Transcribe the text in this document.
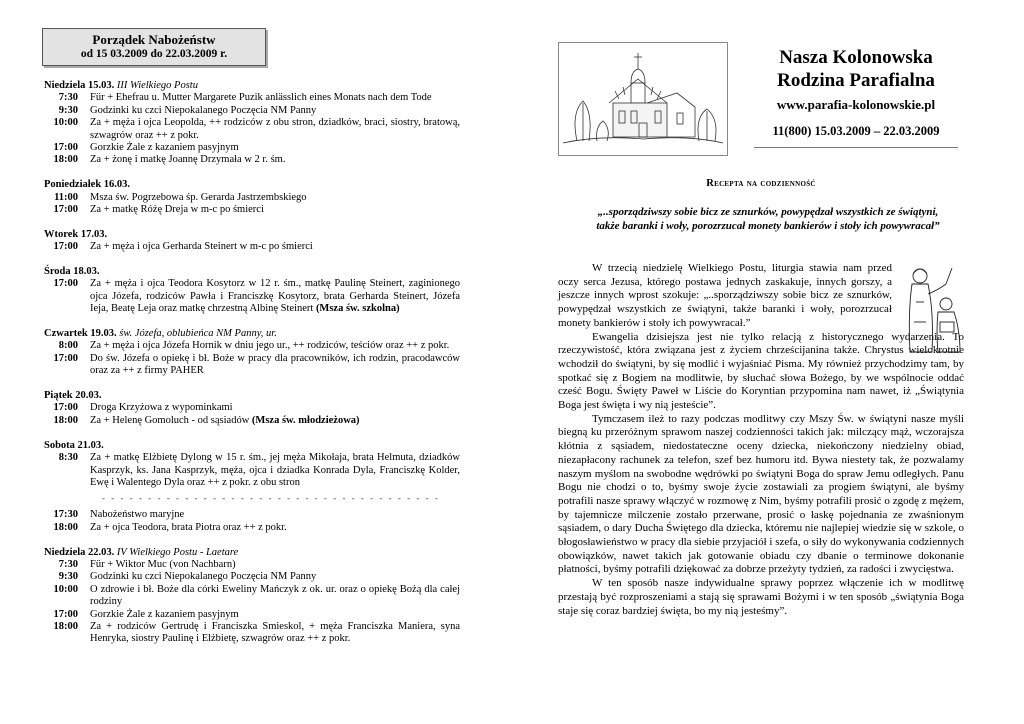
Porządek Nabożeństw
od 15 03.2009 do 22.03.2009 r.
Niedziela 15.03. III Wielkiego Postu
7:30	Für + Ehefrau u. Mutter Margarete Puzik anlässlich eines Monats nach dem Tode
9:30	Godzinki ku czci Niepokalanego Poczęcia NM Panny
10:00	Za + męża i ojca Leopolda, ++ rodziców z obu stron, dziadków, braci, siostry, bratową, szwagrów oraz ++ z pokr.
17:00	Gorzkie Żale z kazaniem pasyjnym
18:00	Za + żonę i matkę Joannę Drzymała w 2 r. śm.
Poniedziałek 16.03.
11:00	Msza św. Pogrzebowa śp. Gerarda Jastrzembskiego
17:00	Za + matkę Różę Dreja w m-c po śmierci
Wtorek 17.03.
17:00	Za + męża i ojca Gerharda Steinert w m-c po śmierci
Środa 18.03.
17:00	Za + męża i ojca Teodora Kosytorz w 12 r. śm., matkę Paulinę Steinert, zaginionego ojca Józefa, rodziców Pawła i Franciszkę Kosytorz, brata Gerharda Steinert, Józefa Ieja, Beatę Leja oraz matkę chrzestną Albinę Steinert (Msza św. szkolna)
Czwartek 19.03. św. Józefa, oblubieńca NM Panny, ur.
8:00	Za + męża i ojca Józefa Hornik w dniu jego ur., ++ rodziców, teściów oraz ++ z pokr.
17:00	Do św. Józefa o opiekę i bł. Boże w pracy dla pracowników, ich rodzin, pracodawców oraz za ++ z firmy PAHER
Piątek 20.03.
17:00	Droga Krzyżowa z wypominkami
18:00	Za + Helenę Gomoluch - od sąsiadów (Msza św. młodzieżowa)
Sobota 21.03.
8:30	Za + matkę Elżbietę Dylong w 15 r. śm., jej męża Mikołaja, brata Helmuta, dziadków Kasprzyk, ks. Jana Kasprzyk, męża, ojca i dziadka Konrada Dyla, Franciszkę Kolder, Ewę i Walentego Dyla oraz ++ z pokr. z obu stron
- - - - - - - - - - - - - - - - - - - - - - - - - - - - - - - - - - - - -
17:30	Nabożeństwo maryjne
18:00	Za + ojca Teodora, brata Piotra oraz ++ z pokr.
Niedziela 22.03. IV Wielkiego Postu - Laetare
7:30	Für + Wiktor Muc (von Nachbarn)
9:30	Godzinki ku czci Niepokalanego Poczęcia NM Panny
10:00	O zdrowie i bł. Boże dla córki Eweliny Mańczyk z ok. ur. oraz o opiekę Bożą dla całej rodziny
17:00	Gorzkie Żale z kazaniem pasyjnym
18:00	Za + rodziców Gertrudę i Franciszka Smieskol, + męża Franciszka Maniera, syna Henryka, siostry Paulinę i Elżbietę, szwagrów oraz ++ z pokr.
Nasza Kolonowska
Rodzina Parafialna
www.parafia-kolonowskie.pl
11(800) 15.03.2009 – 22.03.2009
Recepta na codzienność
„..sporządziwszy sobie bicz ze sznurków, powypędzał wszystkich ze świątyni, także baranki i woły, porozrzucał monety bankierów i stoły ich powywracał”

W trzecią niedzielę Wielkiego Postu, liturgia stawia nam przed oczy serca Jezusa, którego postawa jednych zaskakuje, innych gorszy, a jeszcze innych wprost szokuje: „..sporządziwszy sobie bicz ze sznurków, powypędzał wszystkich ze świątyni, także baranki i woły, porozrzucał monety bankierów i stoły ich powywracał.”

Ewangelia dzisiejsza jest nie tylko relacją z historycznego wydarzenia. To rzeczywistość, która związana jest z życiem chrześcijanina także. Chrystus wielokrotnie wchodził do świątyni, by się modlić i wyjaśniać Pisma. My również przychodzimy tam, by spotkać się z Bogiem na modlitwie, by słuchać słowa Bożego, by we wspólnocie oddać cześć Bogu. Święty Paweł w Liście do Koryntian przypomina nam nawet, iż „Świątynia Boga jest święta i wy nią jesteście”.

Tymczasem ileż to razy podczas modlitwy czy Mszy Św. w świątyni nasze myśli biegną ku przeróżnym sprawom naszej codzienności takich jak: milczący mąż, wczorajsza kłótnia z sąsiadem, niedostateczne oceny dziecka, niekończony niedzielny obiad, niezapłacony rachunek za telefon, szef bez humoru itd. Bywa niestety tak, że pozwalamy naszym myślom na swobodne wędrówki po świątyni Boga do spraw Jemu odległych. Panu Bogu nie chodzi o to, byśmy swoje życie zostawiali za progiem świątyni, ale byśmy potrafili nasze sprawy włączyć w rozmowę z Nim, byśmy potrafili prosić o zgodę z mężem, by tajemnicze milczenie zostało przerwane, prosić o łaskę pojednania ze zwaśnionym sąsiadem, o dary Ducha Świętego dla dziecka, któremu nie najlepiej wiedzie się w szkole, o błogosławieństwo w pracy dla siebie przyjaciół i szefa, o siły do wykonywania codziennych obowiązków, nawet takich jak gotowanie obiadu czy dbanie o terminowe dokonanie płatności, byśmy potrafili dziękować za dobrze przeżyty tydzień, za radości i zwycięstwa.

W ten sposób nasze indywidualne sprawy poprzez włączenie ich w modlitwę przestają być rozproszeniami a stają się sprawami Bożymi i w ten sposób „świątynia Boga staje się coraz bardziej święta, bo my nią jesteśmy”.
